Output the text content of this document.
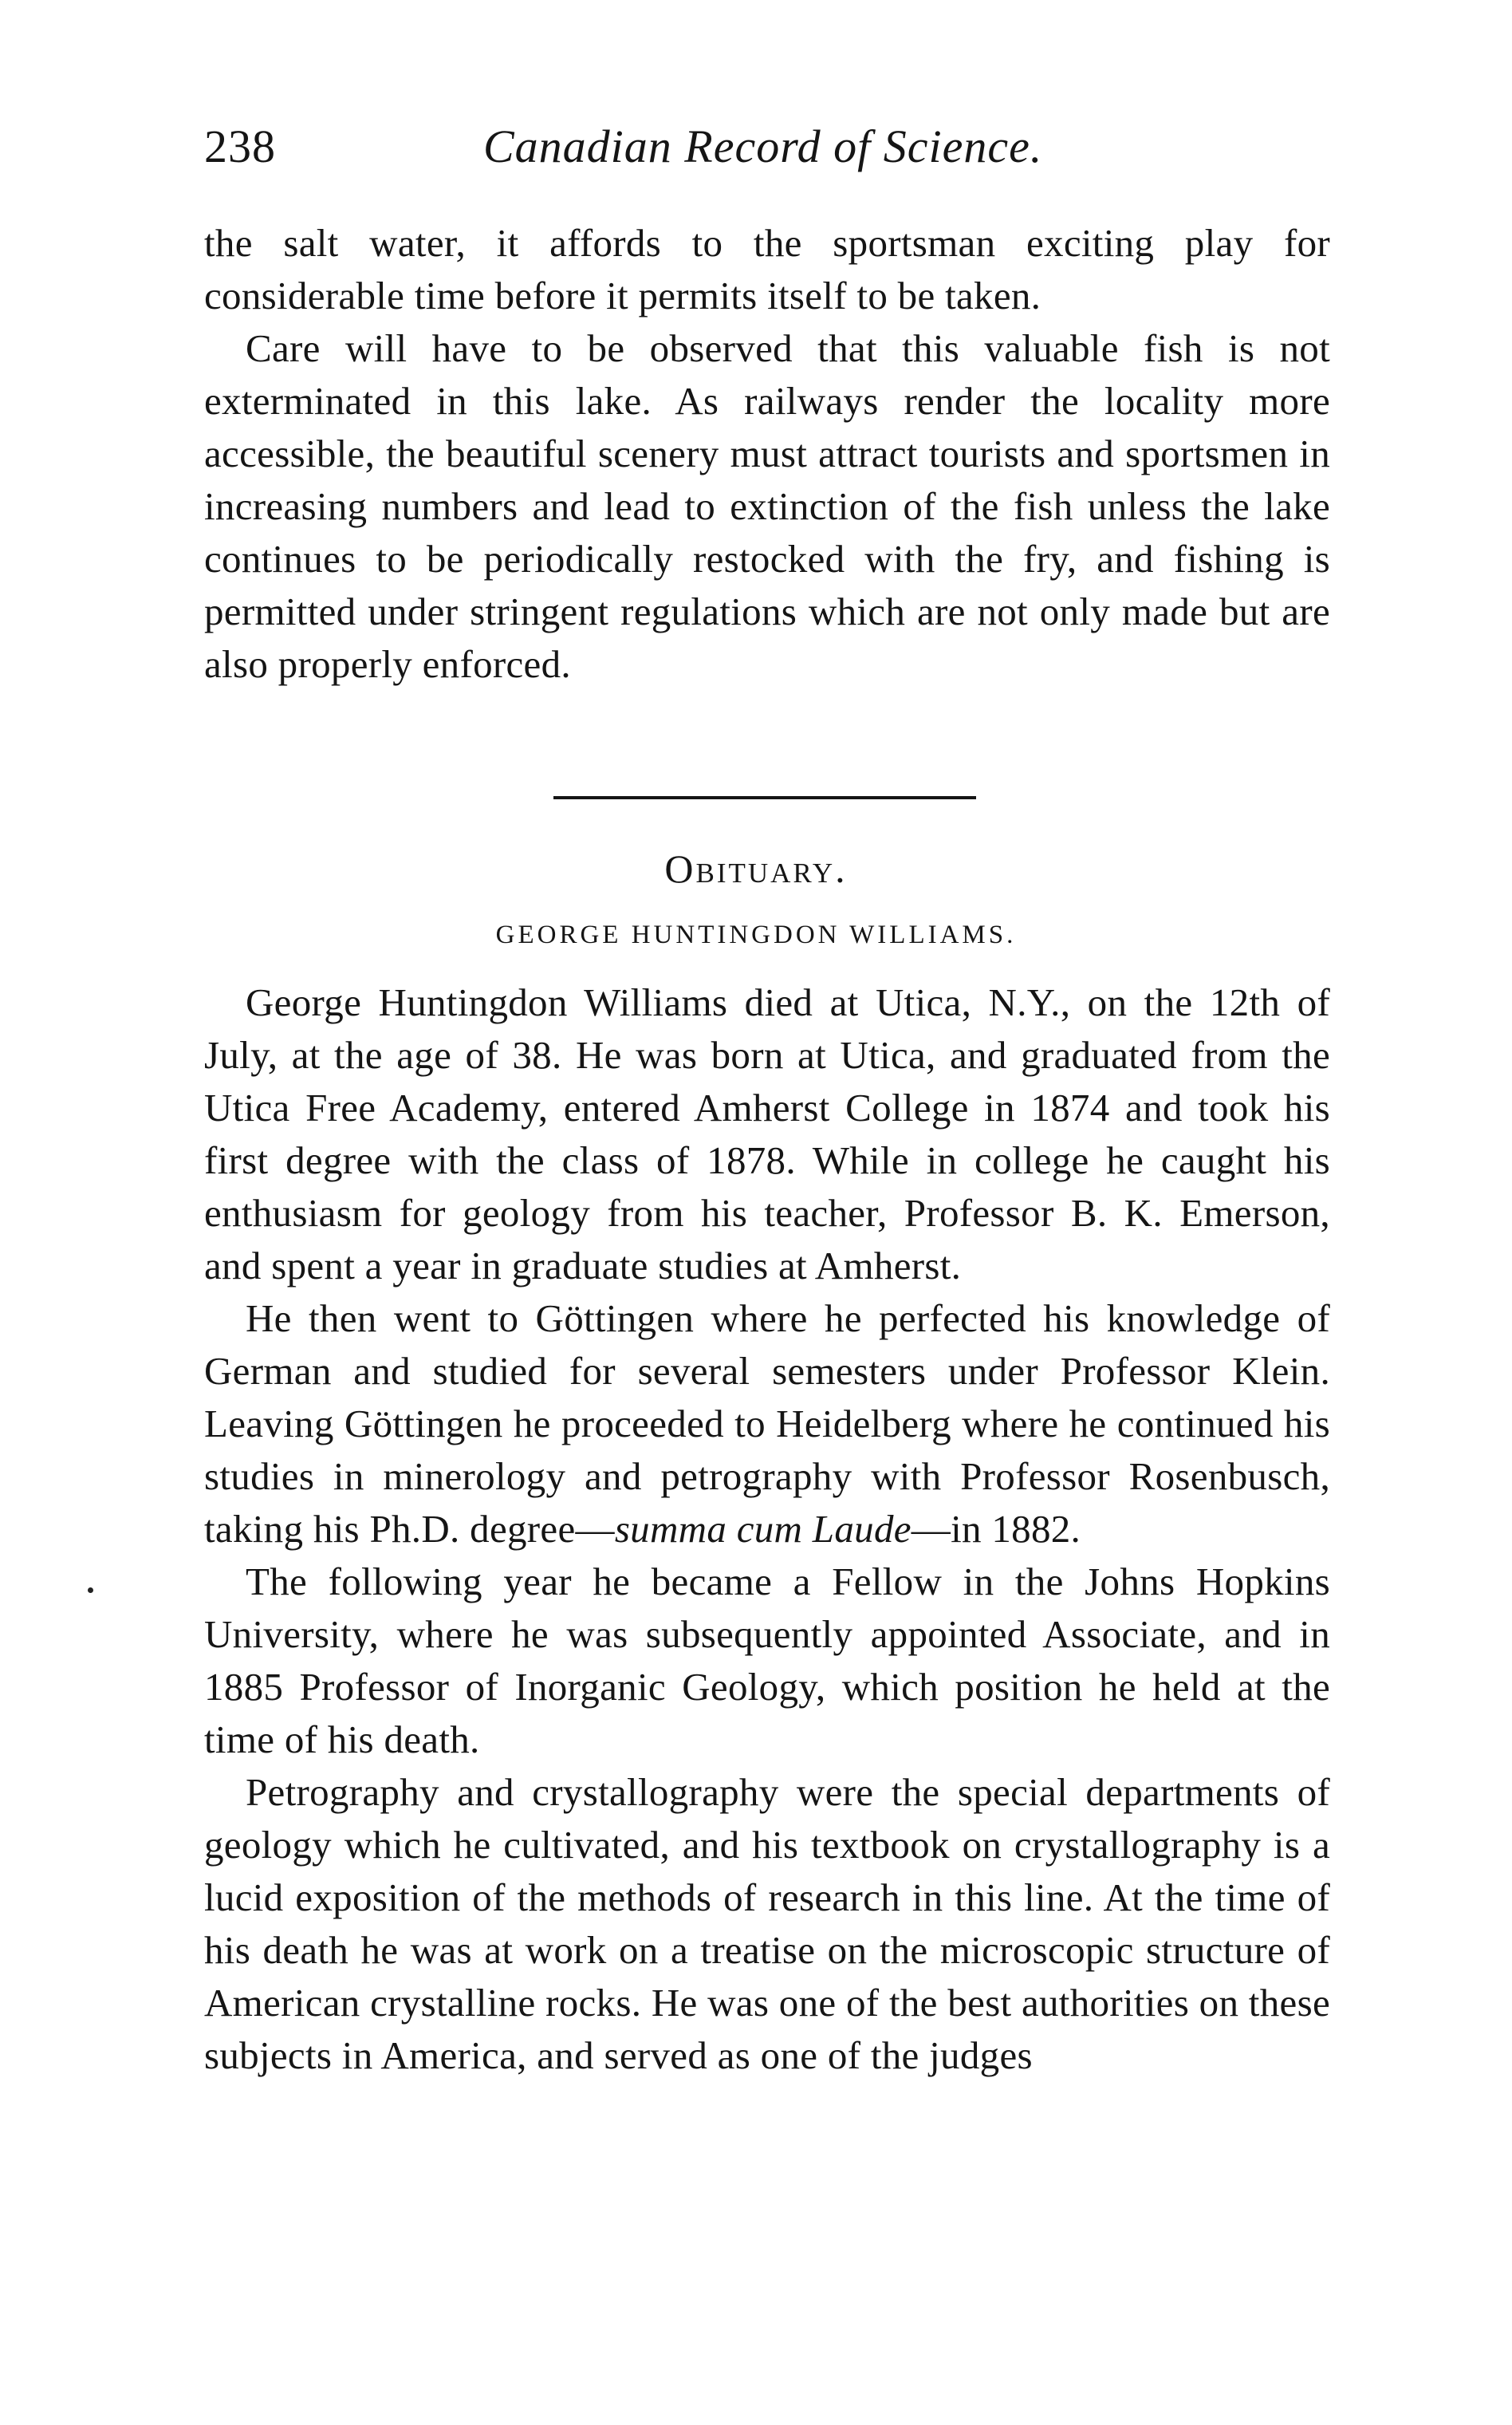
238	Canadian Record of Science.

the salt water, it affords to the sportsman exciting play for considerable time before it permits itself to be taken.

Care will have to be observed that this valuable fish is not exterminated in this lake. As railways render the locality more accessible, the beautiful scenery must attract tourists and sportsmen in increasing numbers and lead to extinction of the fish unless the lake continues to be periodically restocked with the fry, and fishing is permitted under stringent regulations which are not only made but are also properly enforced.

Obituary.
GEORGE HUNTINGDON WILLIAMS.

George Huntingdon Williams died at Utica, N.Y., on the 12th of July, at the age of 38. He was born at Utica, and graduated from the Utica Free Academy, entered Amherst College in 1874 and took his first degree with the class of 1878. While in college he caught his enthusiasm for geology from his teacher, Professor B. K. Emerson, and spent a year in graduate studies at Amherst.

He then went to Göttingen where he perfected his knowledge of German and studied for several semesters under Professor Klein. Leaving Göttingen he proceeded to Heidelberg where he continued his studies in minerology and petrography with Professor Rosenbusch, taking his Ph.D. degree—summa cum Laude—in 1882.

The following year he became a Fellow in the Johns Hopkins University, where he was subsequently appointed Associate, and in 1885 Professor of Inorganic Geology, which position he held at the time of his death.

Petrography and crystallography were the special departments of geology which he cultivated, and his textbook on crystallography is a lucid exposition of the methods of research in this line. At the time of his death he was at work on a treatise on the microscopic structure of American crystalline rocks. He was one of the best authorities on these subjects in America, and served as one of the judges
